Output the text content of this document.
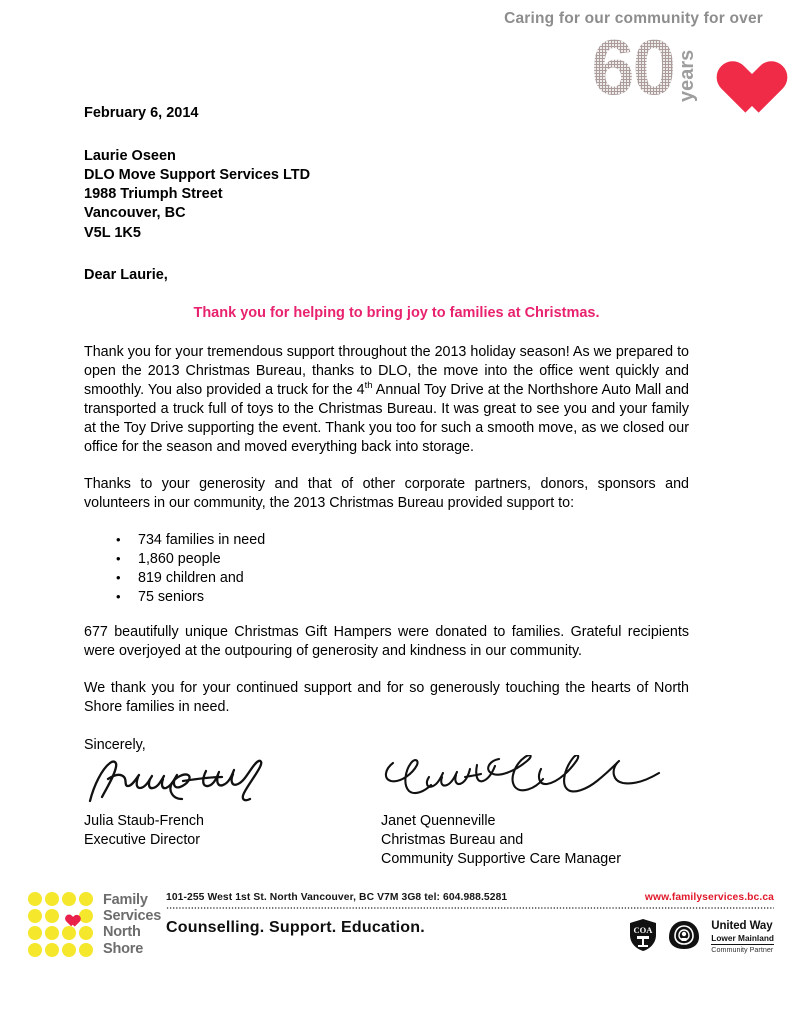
Caring for our community for over
60 years
February 6, 2014
Laurie Oseen
DLO Move Support Services LTD
1988 Triumph Street
Vancouver, BC
V5L 1K5
Dear Laurie,
Thank you for helping to bring joy to families at Christmas.

Thank you for your tremendous support throughout the 2013 holiday season! As we prepared to open the 2013 Christmas Bureau, thanks to DLO, the move into the office went quickly and smoothly. You also provided a truck for the 4th Annual Toy Drive at the Northshore Auto Mall and transported a truck full of toys to the Christmas Bureau. It was great to see you and your family at the Toy Drive supporting the event. Thank you too for such a smooth move, as we closed our office for the season and moved everything back into storage.

Thanks to your generosity and that of other corporate partners, donors, sponsors and volunteers in our community, the 2013 Christmas Bureau provided support to:

• 734 families in need
• 1,860 people
• 819 children and
• 75 seniors

677 beautifully unique Christmas Gift Hampers were donated to families. Grateful recipients were overjoyed at the outpouring of generosity and kindness in our community.

We thank you for your continued support and for so generously touching the hearts of North Shore families in need.

Sincerely,
Julia Staub-French
Executive Director
Janet Quenneville
Christmas Bureau and
Community Supportive Care Manager
Family
Services
North
Shore
101-255 West 1st St. North Vancouver, BC V7M 3G8 tel: 604.988.5281	www.familyservices.bc.ca
Counselling. Support. Education.	COA	United Way
Lower Mainland
Community Partner
